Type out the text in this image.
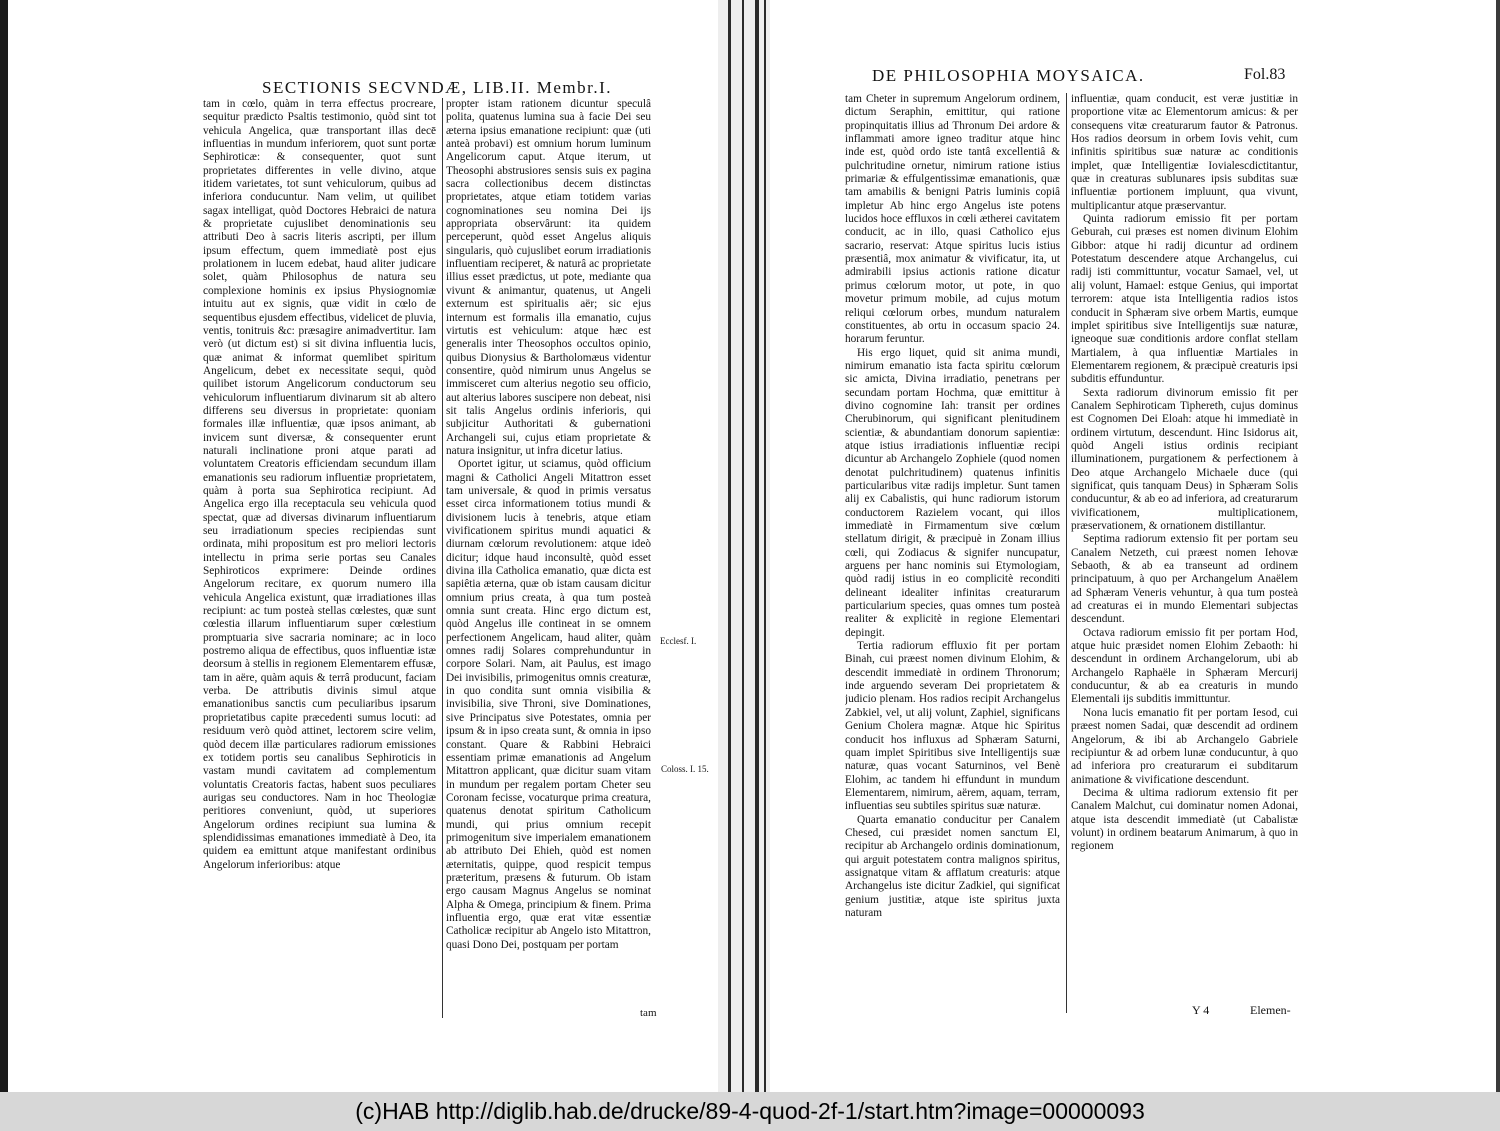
SECTIONIS SECVNDÆ, LIB.II. Membr.I.

tam in cœlo, quàm in terra effectus procreare, sequitur prædicto Psaltis testimonio, quòd sint tot vehicula Angelica, quæ transportant illas decē influentias in mundum inferiorem, quot sunt portæ Sephiroticæ: & consequenter, quot sunt proprietates differentes in velle divino, atque itidem varietates, tot sunt vehiculorum, quibus ad inferiora conducuntur. Nam velim, ut quilibet sagax intelligat, quòd Doctores Hebraici de natura & proprietate cujuslibet denominationis seu attributi Deo à sacris literis ascripti, per illum ipsum effectum, quem immediatè post ejus prolationem in lucem edebat, haud aliter judicare solet, quàm Philosophus de natura seu complexione hominis ex ipsius Physiognomiæ intuitu aut ex signis, quæ vidit in cœlo de sequentibus ejusdem effectibus, videlicet de pluvia, ventis, tonitruis &c: præsagire animadvertitur. Iam verò (ut dictum est) si sit divina influentia lucis, quæ animat & informat quemlibet spiritum Angelicum, debet ex necessitate sequi, quòd quilibet istorum Angelicorum conductorum seu vehiculorum influentiarum divinarum sit ab altero differens seu diversus in proprietate: quoniam formales illæ influentiæ, quæ ipsos animant, ab invicem sunt diversæ, & consequenter erunt naturali inclinatione proni atque parati ad voluntatem Creatoris efficiendam secundum illam emanationis seu radiorum influentiæ proprietatem, quàm à porta sua Sephirotica recipiunt. Ad Angelica ergo illa receptacula seu vehicula quod spectat, quæ ad diversas divinarum influentiarum seu irradiationum species recipiendas sunt ordinata, mihi propositum est pro meliori lectoris intellectu in prima serie portas seu Canales Sephiroticos exprimere: Deinde ordines Angelorum recitare, ex quorum numero illa vehicula Angelica existunt, quæ irradiationes illas recipiunt: ac tum posteà stellas cœlestes, quæ sunt cœlestia illarum influentiarum super cœlestium promptuaria sive sacraria nominare; ac in loco postremo aliqua de effectibus, quos influentiæ istæ deorsum à stellis in regionem Elementarem effusæ, tam in aëre, quàm aquis & terrâ producunt, faciam verba. De attributis divinis simul atque emanationibus sanctis cum peculiaribus ipsarum proprietatibus capite præcedenti sumus locuti: ad residuum verò quòd attinet, lectorem scire velim, quòd decem illæ particulares radiorum emissiones ex totidem portis seu canalibus Sephiroticis in vastam mundi cavitatem ad complementum voluntatis Creatoris factas, habent suos peculiares aurigas seu conductores. Nam in hoc Theologiæ peritiores conveniunt, quòd, ut superiores Angelorum ordines recipiunt sua lumina & splendidissimas emanationes immediatè à Deo, ita quidem ea emittunt atque manifestant ordinibus Angelorum inferioribus: atque

propter istam rationem dicuntur speculâ polita, quatenus lumina sua à facie Dei seu æterna ipsius emanatione recipiunt: quæ (uti anteà probavi) est omnium horum luminum Angelicorum caput. Atque iterum, ut Theosophi abstrusiores sensis suis ex pagina sacra collectionibus decem distinctas proprietates, atque etiam totidem varias cognominationes seu nomina Dei ijs appropriata observârunt: ita quidem perceperunt, quòd esset Angelus aliquis singularis, quò cujuslibet eorum irradiationis influentiam reciperet, & naturâ ac proprietate illius esset prædictus, ut pote, mediante qua vivunt & animantur, quatenus, ut Angeli externum est spiritualis aër; sic ejus internum est formalis illa emanatio, cujus virtutis est vehiculum: atque hæc est generalis inter Theosophos occultos opinio, quibus Dionysius & Bartholomæus videntur consentire, quòd nimirum unus Angelus se immisceret cum alterius negotio seu officio, aut alterius labores suscipere non debeat, nisi sit talis Angelus ordinis inferioris, qui subjicitur Authoritati & gubernationi Archangeli sui, cujus etiam proprietate & natura insignitur, ut infra dicetur latius.

Oportet igitur, ut sciamus, quòd officium magni & Catholici Angeli Mitattron esset tam universale, & quod in primis versatus esset circa informationem totius mundi & divisionem lucis à tenebris, atque etiam vivificationem spiritus mundi aquatici & diurnam cœlorum revolutionem: atque ideò dicitur; idque haud inconsultè, quòd esset divina illa Catholica emanatio, quæ dicta est sapiêtia æterna, quæ ob istam causam dicitur omnium prius creata, à qua tum posteà omnia sunt creata. Hinc ergo dictum est, quòd Angelus ille contineat in se omnem perfectionem Angelicam, haud aliter, quàm omnes radij Solares comprehunduntur in corpore Solari. Nam, ait Paulus, est imago Dei invisibilis, primogenitus omnis creaturæ, in quo condita sunt omnia visibilia & invisibilia, sive Throni, sive Dominationes, sive Principatus sive Potestates, omnia per ipsum & in ipso creata sunt, & omnia in ipso constant. Quare & Rabbini Hebraici essentiam primæ emanationis ad Angelum Mitattron applicant, quæ dicitur suam vitam in mundum per regalem portam Cheter seu Coronam fecisse, vocaturque prima creatura, quatenus denotat spiritum Catholicum mundi, qui prius omnium recepit primogenitum sive imperialem emanationem ab attributo Dei Ehieh, quòd est nomen æternitatis, quippe, quod respicit tempus præteritum, præsens & futurum. Ob istam ergo causam Magnus Angelus se nominat Alpha & Omega, principium & finem. Prima influentia ergo, quæ erat vitæ essentiæ Catholicæ recipitur ab Angelo isto Mitattron, quasi Dono Dei, postquam per portam

Ecclesf. I.
Coloss. I. 15.
tam
DE PHILOSOPHIA MOYSAICA.	Fol.83

tam Cheter in supremum Angelorum ordinem, dictum Seraphin, emittitur, qui ratione propinquitatis illius ad Thronum Dei ardore & inflammati amore igneo traditur atque hinc inde est, quòd ordo iste tantâ excellentiâ & pulchritudine ornetur, nimirum ratione istius primariæ & effulgentissimæ emanationis, quæ tam amabilis & benigni Patris luminis copiâ impletur Ab hinc ergo Angelus iste potens lucidos hoce effluxos in cœli ætherei cavitatem conducit, ac in illo, quasi Catholico ejus sacrario, reservat: Atque spiritus lucis istius præsentiâ, mox animatur & vivificatur, ita, ut admirabili ipsius actionis ratione dicatur primus cœlorum motor, ut pote, in quo movetur primum mobile, ad cujus motum reliqui cœlorum orbes, mundum naturalem constituentes, ab ortu in occasum spacio 24. horarum feruntur.

His ergo liquet, quid sit anima mundi, nimirum emanatio ista facta spiritu cœlorum sic amicta, Divina irradiatio, penetrans per secundam portam Hochma, quæ emittitur à divino cognomine Iah: transit per ordines Cherubinorum, qui significant plenitudinem scientiæ, & abundantiam donorum sapientiæ: atque istius irradiationis influentiæ recipi dicuntur ab Archangelo Zophiele (quod nomen denotat pulchritudinem) quatenus infinitis particularibus vitæ radijs impletur. Sunt tamen alij ex Cabalistis, qui hunc radiorum istorum conductorem Razielem vocant, qui illos immediatè in Firmamentum sive cœlum stellatum dirigit, & præcipuè in Zonam illius cœli, qui Zodiacus & signifer nuncupatur, arguens per hanc nominis sui Etymologiam, quòd radij istius in eo complicitè reconditi delineant idealiter infinitas creaturarum particularium species, quas omnes tum posteà realiter & explicitè in regione Elementari depingit.

Tertia radiorum effluxio fit per portam Binah, cui præest nomen divinum Elohim, & descendit immediatè in ordinem Thronorum; inde arguendo severam Dei proprietatem & judicio plenam. Hos radios recipit Archangelus Zabkiel, vel, ut alij volunt, Zaphiel, significans Genium Cholera magnæ. Atque hic Spiritus conducit hos influxus ad Sphæram Saturni, quam implet Spiritibus sive Intelligentijs suæ naturæ, quas vocant Saturninos, vel Benè Elohim, ac tandem hi effundunt in mundum Elementarem, nimirum, aërem, aquam, terram, influentias seu subtiles spiritus suæ naturæ.

Quarta emanatio conducitur per Canalem Chesed, cui præsidet nomen sanctum El, recipitur ab Archangelo ordinis dominationum, qui arguit potestatem contra malignos spiritus, assignatque vitam & afflatum creaturis: atque Archangelus iste dicitur Zadkiel, qui significat genium justitiæ, atque iste spiritus juxta naturam

influentiæ, quam conducit, est veræ justitiæ in proportione vitæ ac Elementorum amicus: & per consequens vitæ creaturarum fautor & Patronus. Hos radios deorsum in orbem Iovis vehit, cum infinitis spiritibus suæ naturæ ac conditionis implet, quæ Intelligentiæ Iovialescdictitantur, quæ in creaturas sublunares ipsis subditas suæ influentiæ portionem impluunt, qua vivunt, multiplicantur atque præservantur.

Quinta radiorum emissio fit per portam Geburah, cui præses est nomen divinum Elohim Gibbor: atque hi radij dicuntur ad ordinem Potestatum descendere atque Archangelus, cui radij isti committuntur, vocatur Samael, vel, ut alij volunt, Hamael: estque Genius, qui importat terrorem: atque ista Intelligentia radios istos conducit in Sphæram sive orbem Martis, eumque implet spiritibus sive Intelligentijs suæ naturæ, igneoque suæ conditionis ardore conflat stellam Martialem, à qua influentiæ Martiales in Elementarem regionem, & præcipuè creaturis ipsi subditis effunduntur.

Sexta radiorum divinorum emissio fit per Canalem Sephiroticam Tiphereth, cujus dominus est Cognomen Dei Eloah: atque hi immediatè in ordinem virtutum, descendunt. Hinc Isidorus ait, quòd Angeli istius ordinis recipiant illuminationem, purgationem & perfectionem à Deo atque Archangelo Michaele duce (qui significat, quis tanquam Deus) in Sphæram Solis conducuntur, & ab eo ad inferiora, ad creaturarum vivificationem, multiplicationem, præservationem, & ornationem distillantur.

Septima radiorum extensio fit per portam seu Canalem Netzeth, cui præest nomen Iehovæ Sebaoth, & ab ea transeunt ad ordinem principatuum, à quo per Archangelum Anaëlem ad Sphæram Veneris vehuntur, à qua tum posteà ad creaturas ei in mundo Elementari subjectas descendunt.

Octava radiorum emissio fit per portam Hod, atque huic præsidet nomen Elohim Zebaoth: hi descendunt in ordinem Archangelorum, ubi ab Archangelo Raphaële in Sphæram Mercurij conducuntur, & ab ea creaturis in mundo Elementali ijs subditis immittuntur.

Nona lucis emanatio fit per portam Iesod, cui præest nomen Sadai, quæ descendit ad ordinem Angelorum, & ibi ab Archangelo Gabriele recipiuntur & ad orbem lunæ conducuntur, à quo ad inferiora pro creaturarum ei subditarum animatione & vivificatione descendunt.

Decima & ultima radiorum extensio fit per Canalem Malchut, cui dominatur nomen Adonai, atque ista descendit immediatè (ut Cabalistæ volunt) in ordinem beatarum Animarum, à quo in regionem

Y 4	Elemen-
(c)HAB http://diglib.hab.de/drucke/89-4-quod-2f-1/start.htm?image=00000093
